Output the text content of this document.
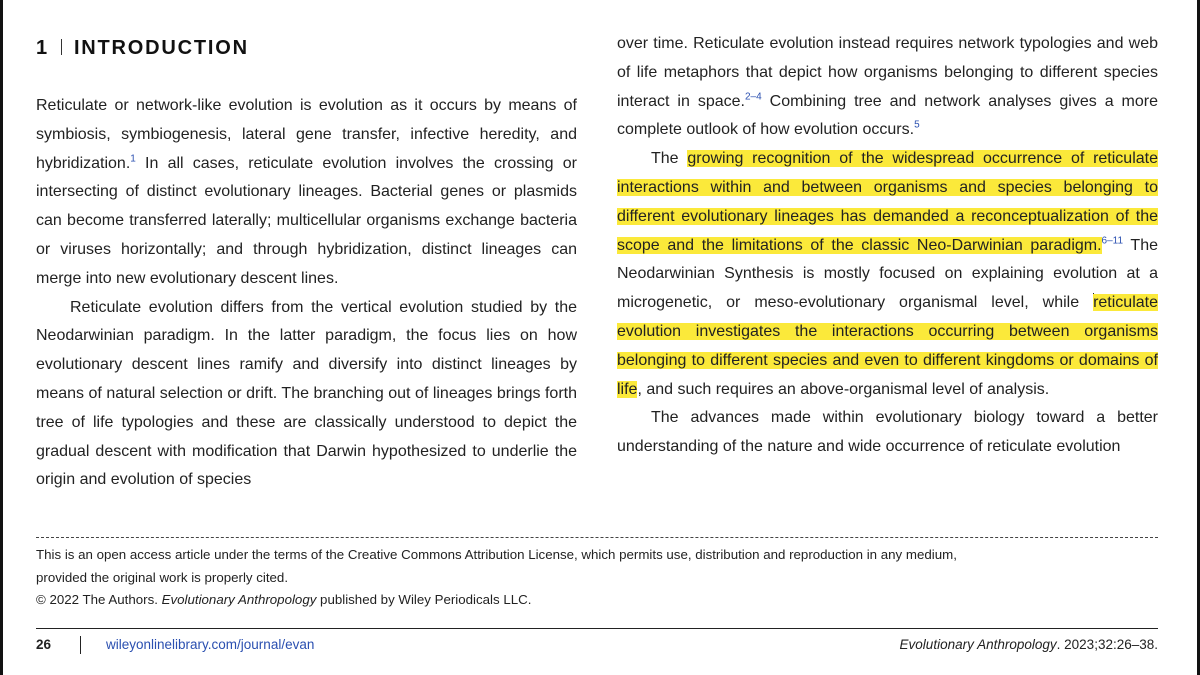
1 INTRODUCTION

Reticulate or network-like evolution is evolution as it occurs by means of symbiosis, symbiogenesis, lateral gene transfer, infective heredity, and hybridization.$^1$ In all cases, reticulate evolution involves the crossing or intersecting of distinct evolutionary lineages. Bacterial genes or plasmids can become transferred laterally; multicellular organisms exchange bacteria or viruses horizontally; and through hybridization, distinct lineages can merge into new evolutionary descent lines.

Reticulate evolution differs from the vertical evolution studied by the Neodarwinian paradigm. In the latter paradigm, the focus lies on how evolutionary descent lines ramify and diversify into distinct lineages by means of natural selection or drift. The branching out of lineages brings forth tree of life typologies and these are classically understood to depict the gradual descent with modification that Darwin hypothesized to underlie the origin and evolution of species

over time. Reticulate evolution instead requires network typologies and web of life metaphors that depict how organisms belonging to different species interact in space.$^{2-4}$ Combining tree and network analyses gives a more complete outlook of how evolution occurs.$^5$

The growing recognition of the widespread occurrence of reticulate interactions within and between organisms and species belonging to different evolutionary lineages has demanded a reconceptualization of the scope and the limitations of the classic Neo-Darwinian paradigm.$^{6-11}$ The Neodarwinian Synthesis is mostly focused on explaining evolution at a microgenetic, or meso-evolutionary organismal level, while reticulate evolution investigates the interactions occurring between organisms belonging to different species and even to different kingdoms or domains of life, and such requires an above-organismal level of analysis.

The advances made within evolutionary biology toward a better understanding of the nature and wide occurrence of reticulate evolution

This is an open access article under the terms of the Creative Commons Attribution License, which permits use, distribution and reproduction in any medium,
provided the original work is properly cited.
© 2022 The Authors. Evolutionary Anthropology published by Wiley Periodicals LLC.
26	wileyonlinelibrary.com/journal/evan	Evolutionary Anthropology. 2023;32:26–38.
